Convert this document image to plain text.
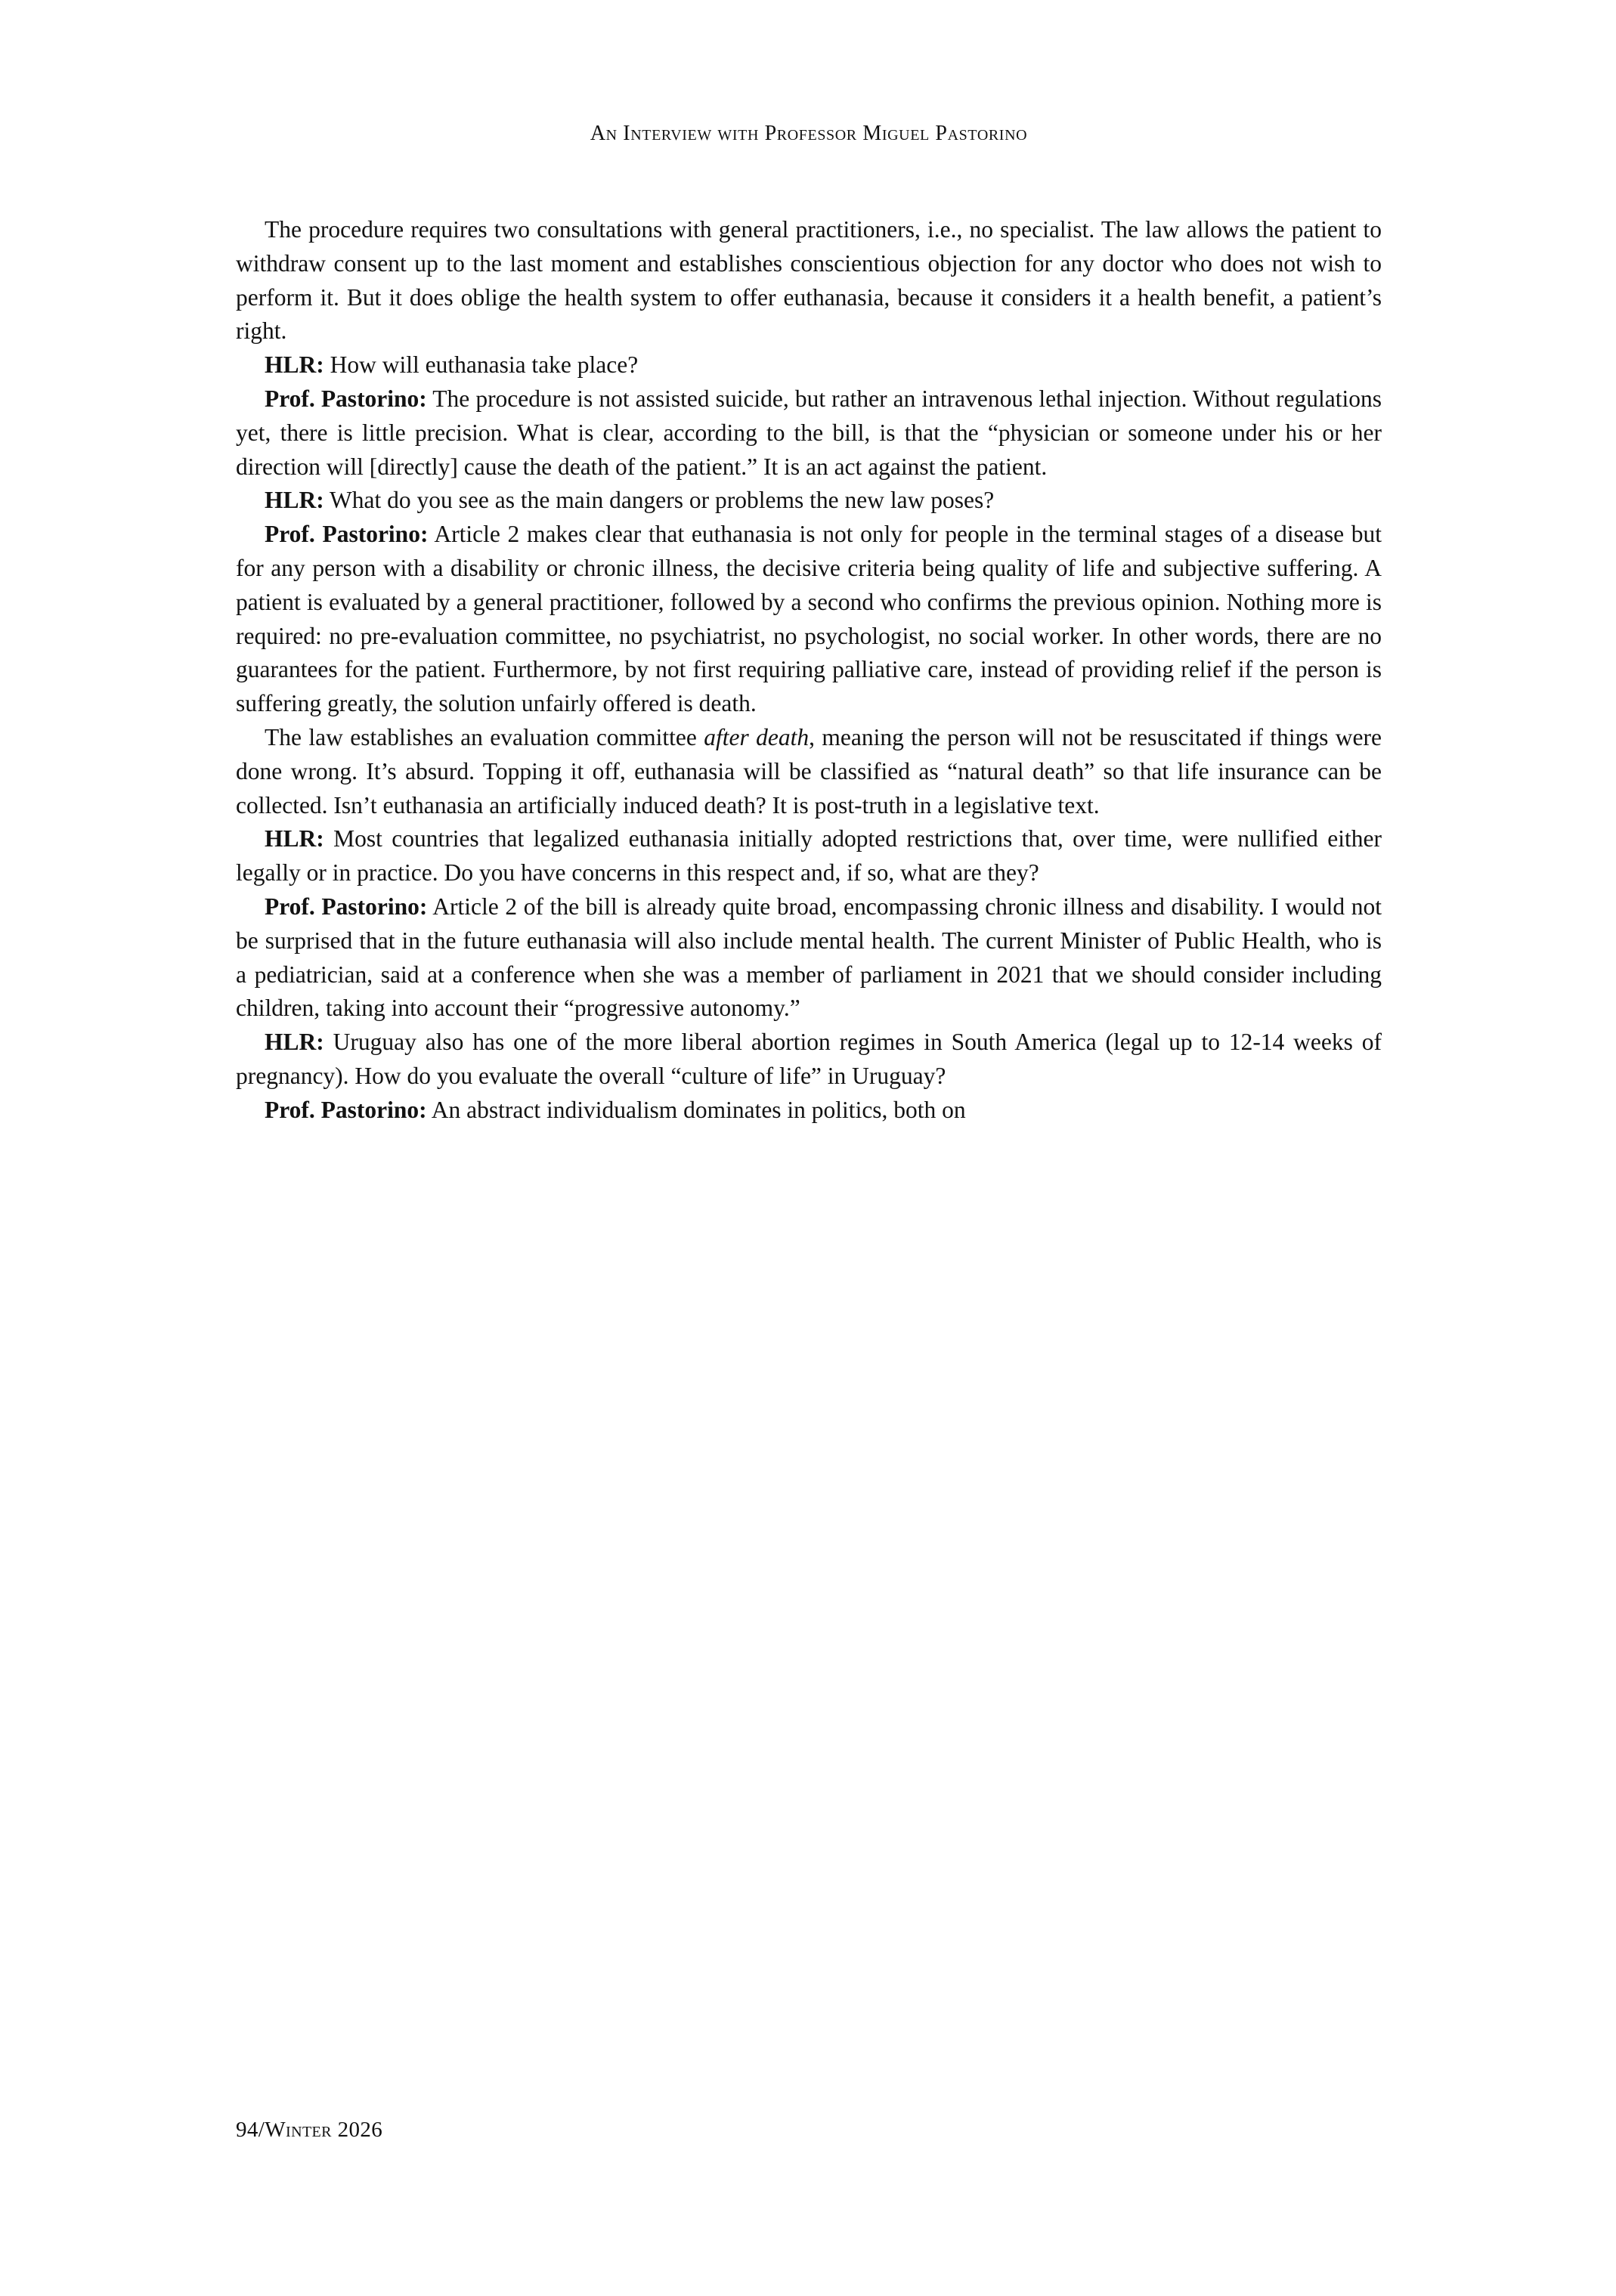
An Interview with Professor Miguel Pastorino

The procedure requires two consultations with general practitioners, i.e., no specialist. The law allows the patient to withdraw consent up to the last moment and establishes conscientious objection for any doctor who does not wish to perform it. But it does oblige the health system to offer euthanasia, because it considers it a health benefit, a patient’s right.

HLR: How will euthanasia take place?

Prof. Pastorino: The procedure is not assisted suicide, but rather an intravenous lethal injection. Without regulations yet, there is little precision. What is clear, according to the bill, is that the “physician or someone under his or her direction will [directly] cause the death of the patient.” It is an act against the patient.

HLR: What do you see as the main dangers or problems the new law poses?

Prof. Pastorino: Article 2 makes clear that euthanasia is not only for people in the terminal stages of a disease but for any person with a disability or chronic illness, the decisive criteria being quality of life and subjective suffering. A patient is evaluated by a general practitioner, followed by a second who confirms the previous opinion. Nothing more is required: no pre-evaluation committee, no psychiatrist, no psychologist, no social worker. In other words, there are no guarantees for the patient. Furthermore, by not first requiring palliative care, instead of providing relief if the person is suffering greatly, the solution unfairly offered is death.

The law establishes an evaluation committee after death, meaning the person will not be resuscitated if things were done wrong. It’s absurd. Topping it off, euthanasia will be classified as “natural death” so that life insurance can be collected. Isn’t euthanasia an artificially induced death? It is post-truth in a legislative text.

HLR: Most countries that legalized euthanasia initially adopted restrictions that, over time, were nullified either legally or in practice. Do you have concerns in this respect and, if so, what are they?

Prof. Pastorino: Article 2 of the bill is already quite broad, encompassing chronic illness and disability. I would not be surprised that in the future euthanasia will also include mental health. The current Minister of Public Health, who is a pediatrician, said at a conference when she was a member of parliament in 2021 that we should consider including children, taking into account their “progressive autonomy.”

HLR: Uruguay also has one of the more liberal abortion regimes in South America (legal up to 12-14 weeks of pregnancy). How do you evaluate the overall “culture of life” in Uruguay?

Prof. Pastorino: An abstract individualism dominates in politics, both on

94/Winter 2026
